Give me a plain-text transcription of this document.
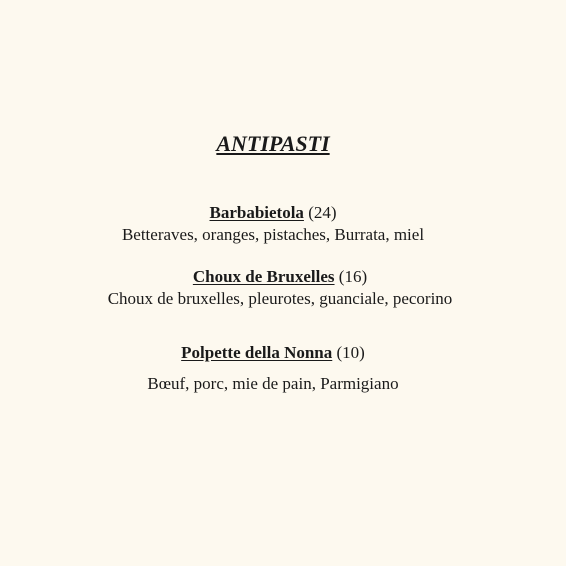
ANTIPASTI
Barbabietola (24)
Betteraves, oranges, pistaches, Burrata, miel
Choux de Bruxelles (16)
Choux de bruxelles, pleurotes, guanciale, pecorino
Polpette della Nonna (10)
Bœuf, porc, mie de pain, Parmigiano
